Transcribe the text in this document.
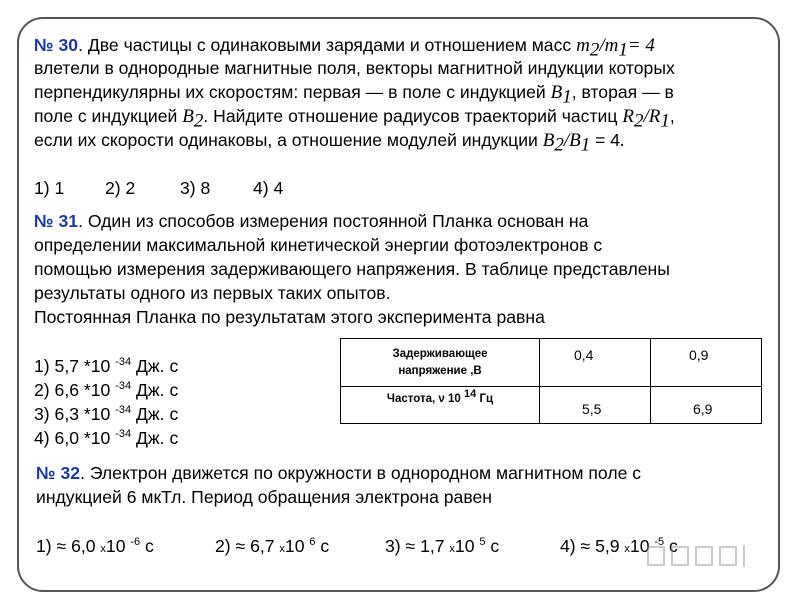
№ 30. Две частицы с одинаковыми зарядами и отношением масс $m_2/m_1= 4$
влетели в однородные магнитные поля, векторы магнитной индукции которых
перпендикулярны их скоростям: первая — в поле с индукцией $B_1$, вторая — в
поле с индукцией $B_2$. Найдите отношение радиусов траекторий частиц $R_2/R_1$,
если их скорости одинаковы, а отношение модулей индукции $B_2/B_1 = 4$.
1) 1 2) 2	3) 8 4) 4
№ 31. Один из способов измерения постоянной Планка основан на
определении максимальной кинетической энергии фотоэлектронов с
помощью измерения задерживающего напряжения. В таблице представлены
результаты одного из первых таких опытов.
Постоянная Планка по результатам этого эксперимента равна
1) 5,7 *10 $^{-34}$ Дж. с
2) 6,6 *10 $^{-34}$ Дж. с
3) 6,3 *10 $^{-34}$ Дж. с
4) 6,0 *10 $^{-34}$ Дж. с
Задерживающее
напряжение ,В	0,4	0,9
Частота, ν 10 $^{14}$ Гц	5,5	6,9
№ 32. Электрон движется по окружности в однородном магнитном поле с
индукцией 6 мкТл. Период обращения электрона равен
1) ≈ 6,0 x10 $^{-6}$ с	2) ≈ 6,7 x10 $^6$ с	3) ≈ 1,7 x10 $^5$ с	4) ≈ 5,9 x10 $^{-5}$ с
